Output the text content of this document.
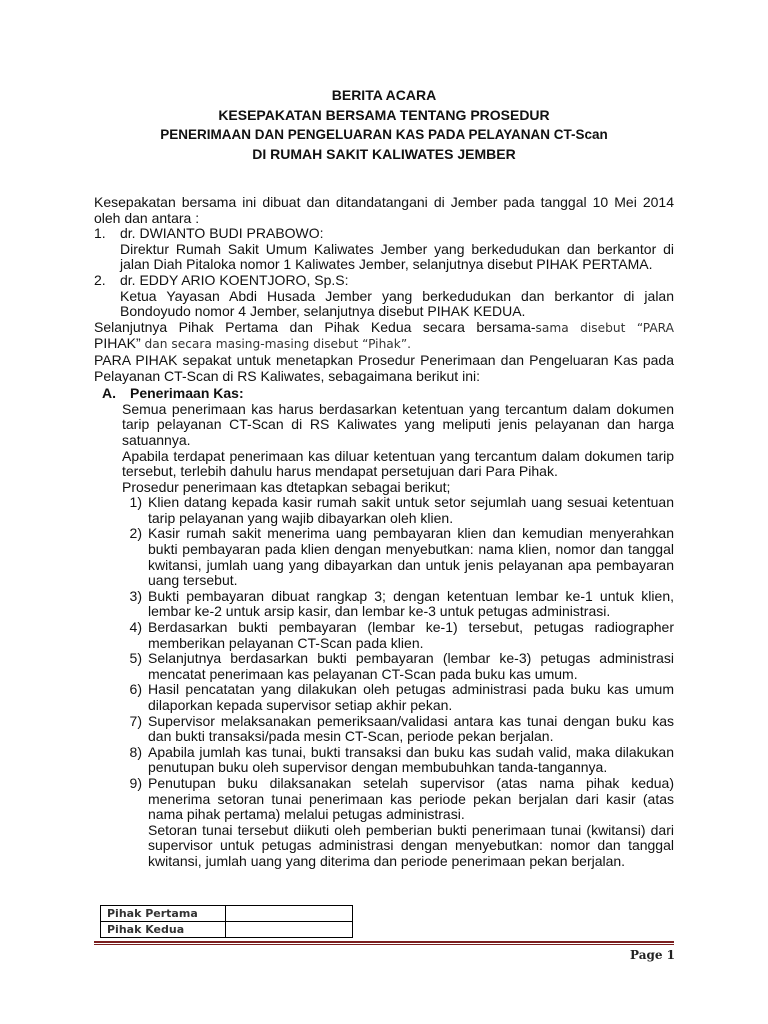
BERITA ACARA
KESEPAKATAN BERSAMA TENTANG PROSEDUR
PENERIMAAN DAN PENGELUARAN KAS PADA PELAYANAN CT-Scan
DI RUMAH SAKIT KALIWATES JEMBER

Kesepakatan bersama ini dibuat dan ditandatangani di Jember pada tanggal 10 Mei 2014

oleh dan antara :

1.	dr. DWIANTO BUDI PRABOWO:

Direktur Rumah Sakit Umum Kaliwates Jember yang berkedudukan dan berkantor di

jalan Diah Pitaloka nomor 1 Kaliwates Jember, selanjutnya disebut PIHAK PERTAMA.

2.	dr. EDDY ARIO KOENTJORO, Sp.S:

Ketua Yayasan Abdi Husada Jember yang berkedudukan dan berkantor di jalan

Bondoyudo nomor 4 Jember, selanjutnya disebut PIHAK KEDUA.

Selanjutnya Pihak Pertama dan Pihak Kedua secara bersama-sama disebut “PARA

PIHAK” dan secara masing-masing disebut “Pihak”.

PARA PIHAK sepakat untuk menetapkan Prosedur Penerimaan dan Pengeluaran Kas pada

Pelayanan CT-Scan di RS Kaliwates, sebagaimana berikut ini:

A.	Penerimaan Kas:

Semua penerimaan kas harus berdasarkan ketentuan yang tercantum dalam dokumen tarip pelayanan CT-Scan di RS Kaliwates yang meliputi jenis pelayanan dan harga satuannya.

Apabila terdapat penerimaan kas diluar ketentuan yang tercantum dalam dokumen tarip tersebut, terlebih dahulu harus mendapat persetujuan dari Para Pihak.

Prosedur penerimaan kas dtetapkan sebagai berikut;

1) Klien datang kepada kasir rumah sakit untuk setor sejumlah uang sesuai ketentuan tarip pelayanan yang wajib dibayarkan oleh klien.
2) Kasir rumah sakit menerima uang pembayaran klien dan kemudian menyerahkan bukti pembayaran pada klien dengan menyebutkan: nama klien, nomor dan tanggal kwitansi, jumlah uang yang dibayarkan dan untuk jenis pelayanan apa pembayaran uang tersebut.
3) Bukti pembayaran dibuat rangkap 3; dengan ketentuan lembar ke-1 untuk klien, lembar ke-2 untuk arsip kasir, dan lembar ke-3 untuk petugas administrasi.
4) Berdasarkan bukti pembayaran (lembar ke-1) tersebut, petugas radiographer memberikan pelayanan CT-Scan pada klien.
5) Selanjutnya berdasarkan bukti pembayaran (lembar ke-3) petugas administrasi mencatat penerimaan kas pelayanan CT-Scan pada buku kas umum.
6) Hasil pencatatan yang dilakukan oleh petugas administrasi pada buku kas umum dilaporkan kepada supervisor setiap akhir pekan.
7) Supervisor melaksanakan pemeriksaan/validasi antara kas tunai dengan buku kas dan bukti transaksi/pada mesin CT-Scan, periode pekan berjalan.
8) Apabila jumlah kas tunai, bukti transaksi dan buku kas sudah valid, maka dilakukan penutupan buku oleh supervisor dengan membubuhkan tanda-tangannya.
9) Penutupan buku dilaksanakan setelah supervisor (atas nama pihak kedua) menerima setoran tunai penerimaan kas periode pekan berjalan dari kasir (atas nama pihak pertama) melalui petugas administrasi.
Setoran tunai tersebut diikuti oleh pemberian bukti penerimaan tunai (kwitansi) dari supervisor untuk petugas administrasi dengan menyebutkan: nomor dan tanggal kwitansi, jumlah uang yang diterima dan periode penerimaan pekan berjalan.
Pihak Pertama	
Pihak Kedua	
Page 1
